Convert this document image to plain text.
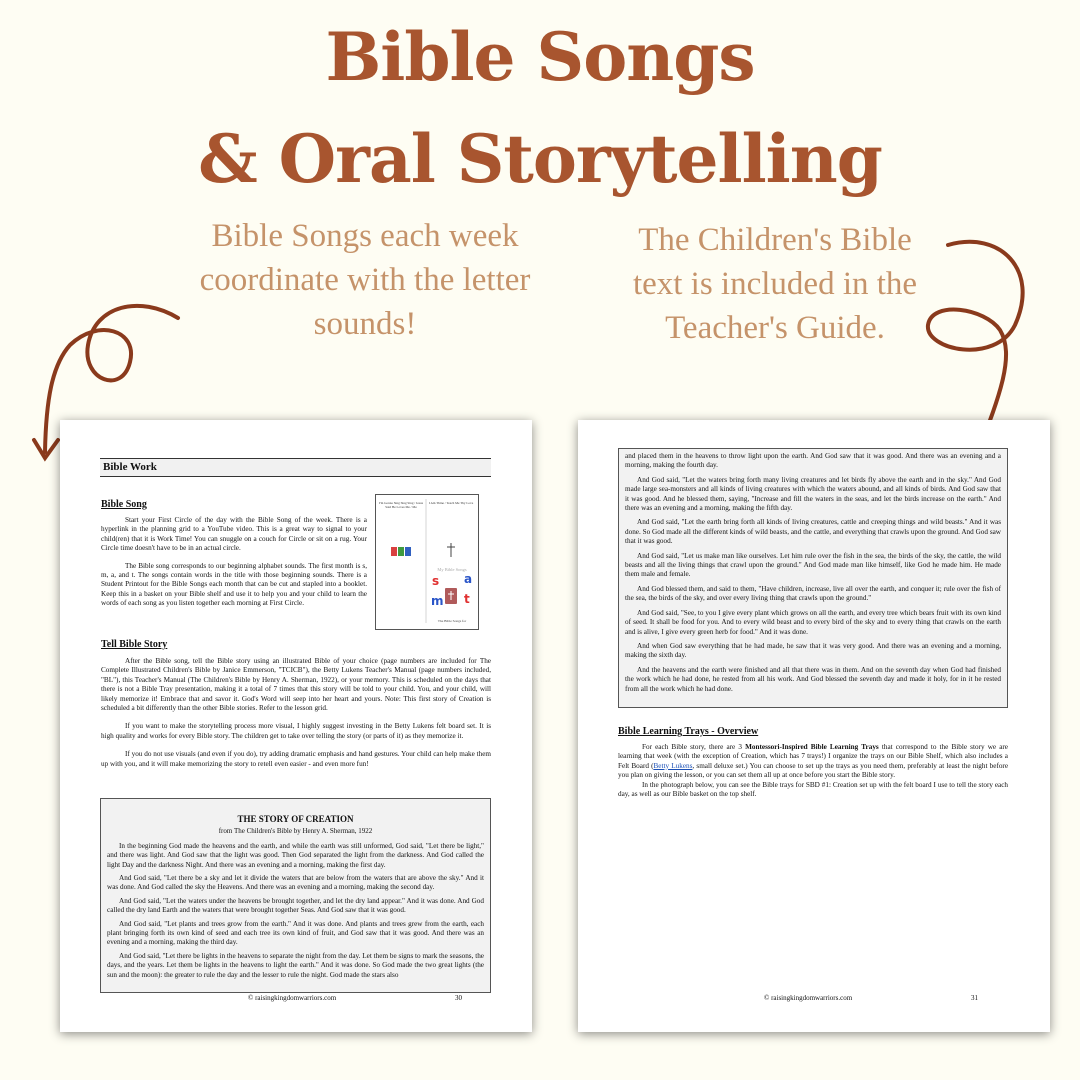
Bible Songs
& Oral Storytelling
Bible Songs each week coordinate with the letter sounds!
The Children's Bible text is included in the Teacher's Guide.
Bible Work
Bible Song

Start your First Circle of the day with the Bible Song of the week. There is a hyperlink in the planning grid to a YouTube video. This is a great way to signal to your child(ren) that it is Work Time! You can snuggle on a couch for Circle or sit on a rug. Your Circle time doesn't have to be in an actual circle.

The Bible song corresponds to our beginning alphabet sounds. The first month is s, m, a, and t. The songs contain words in the title with those beginning sounds. There is a Student Printout for the Bible Songs each month that can be cut and stapled into a booklet. Keep this in a basket on your Bible shelf and use it to help you and your child to learn the words of each song as you listen together each morning at First Circle.

I'm Gonna Sing Sing Sing / Jesus Said He Loves Me / Me
I Am Thine / Teach Me Thy Love
My Bible Songs
s a
m t
The Bible Songs for
Tell Bible Story

After the Bible song, tell the Bible story using an illustrated Bible of your choice (page numbers are included for The Complete Illustrated Children's Bible by Janice Emmerson, "TCICB"), the Betty Lukens Teacher's Manual (page numbers included, "BL"), this Teacher's Manual (The Children's Bible by Henry A. Sherman, 1922), or your memory. This is scheduled on the days that there is not a Bible Tray presentation, making it a total of 7 times that this story will be told to your child. You, and your child, will likely memorize it! Embrace that and savor it. God's Word will seep into her heart and yours. Note: This first story of Creation is scheduled a bit differently than the other Bible stories. Refer to the lesson grid.

If you want to make the storytelling process more visual, I highly suggest investing in the Betty Lukens felt board set. It is high quality and works for every Bible story. The children get to take over telling the story (or parts of it) as they memorize it.

If you do not use visuals (and even if you do), try adding dramatic emphasis and hand gestures. Your child can help make them up with you, and it will make memorizing the story to retell even easier - and even more fun!

THE STORY OF CREATION
from The Children's Bible by Henry A. Sherman, 1922

In the beginning God made the heavens and the earth, and while the earth was still unformed, God said, "Let there be light," and there was light. And God saw that the light was good. Then God separated the light from the darkness. And God called the light Day and the darkness Night. And there was an evening and a morning, making the first day.

And God said, "Let there be a sky and let it divide the waters that are below from the waters that are above the sky." And it was done. And God called the sky the Heavens. And there was an evening and a morning, making the second day.

And God said, "Let the waters under the heavens be brought together, and let the dry land appear." And it was done. And God called the dry land Earth and the waters that were brought together Seas. And God saw that it was good.

And God said, "Let plants and trees grow from the earth." And it was done. And plants and trees grew from the earth, each plant bringing forth its own kind of seed and each tree its own kind of fruit, and God saw that it was good. And there was an evening and a morning, making the third day.

And God said, "Let there be lights in the heavens to separate the night from the day. Let them be signs to mark the seasons, the days, and the years. Let them be lights in the heavens to light the earth." And it was done. So God made the two great lights (the sun and the moon): the greater to rule the day and the lesser to rule the night. God made the stars also

© raisingkingdomwarriors.com	30

and placed them in the heavens to throw light upon the earth. And God saw that it was good. And there was an evening and a morning, making the fourth day.

And God said, "Let the waters bring forth many living creatures and let birds fly above the earth and in the sky." And God made large sea-monsters and all kinds of living creatures with which the waters abound, and all kinds of birds. And God saw that it was good. And he blessed them, saying, "Increase and fill the waters in the seas, and let the birds increase on the earth." And there was an evening and a morning, making the fifth day.

And God said, "Let the earth bring forth all kinds of living creatures, cattle and creeping things and wild beasts." And it was done. So God made all the different kinds of wild beasts, and the cattle, and everything that crawls upon the ground. And God saw that it was good.

And God said, "Let us make man like ourselves. Let him rule over the fish in the sea, the birds of the sky, the cattle, the wild beasts and all the living things that crawl upon the ground." And God made man like himself, like God he made him. He made them male and female.

And God blessed them, and said to them, "Have children, increase, live all over the earth, and conquer it; rule over the fish of the sea, the birds of the sky, and over every living thing that crawls upon the ground."

And God said, "See, to you I give every plant which grows on all the earth, and every tree which bears fruit with its own kind of seed. It shall be food for you. And to every wild beast and to every bird of the sky and to every thing that crawls on the earth and is alive, I give every green herb for food." And it was done.

And when God saw everything that he had made, he saw that it was very good. And there was an evening and a morning, making the sixth day.

And the heavens and the earth were finished and all that there was in them. And on the seventh day when God had finished the work which he had done, he rested from all his work. And God blessed the seventh day and made it holy, for in it he rested from all the work which he had done.

Bible Learning Trays - Overview

For each Bible story, there are 3 Montessori-Inspired Bible Learning Trays that correspond to the Bible story we are learning that week (with the exception of Creation, which has 7 trays!) I organize the trays on our Bible Shelf, which also includes a Felt Board (Betty Lukens, small deluxe set.) You can choose to set up the trays as you need them, preferably at least the night before you plan on giving the lesson, or you can set them all up at once before you start the Bible story.

In the photograph below, you can see the Bible trays for SBD #1: Creation set up with the felt board I use to tell the story each day, as well as our Bible basket on the top shelf.

© raisingkingdomwarriors.com	31
